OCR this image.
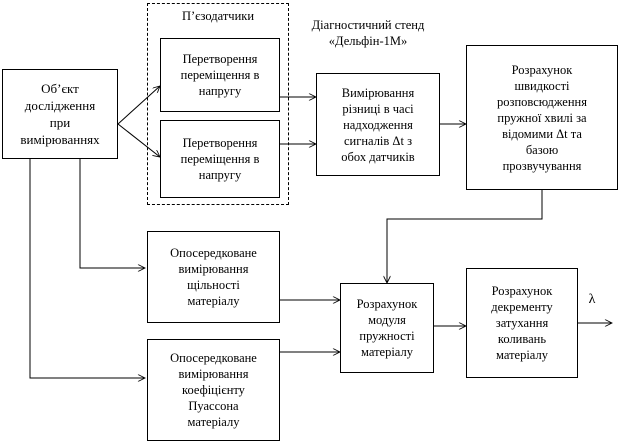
П’єзодатчики
Діагностичний стенд
«Дельфін-1М»
Об’єкт
дослідження
при
вимірюваннях
Перетворення
переміщення в
напругу
Перетворення
переміщення в
напругу
Вимірювання
різниці в часі
надходження
сигналів Δt з
обох датчиків
Розрахунок
швидкості
розповсюдження
пружної хвилі за
відомими Δt та
базою
прозвучування
Опосередковане
вимірювання
щільності
матеріалу
Опосередковане
вимірювання
коефіцієнту
Пуассона
матеріалу
Розрахунок
модуля
пружності
матеріалу
Розрахунок
декременту
затухання
коливань
матеріалу
λ
